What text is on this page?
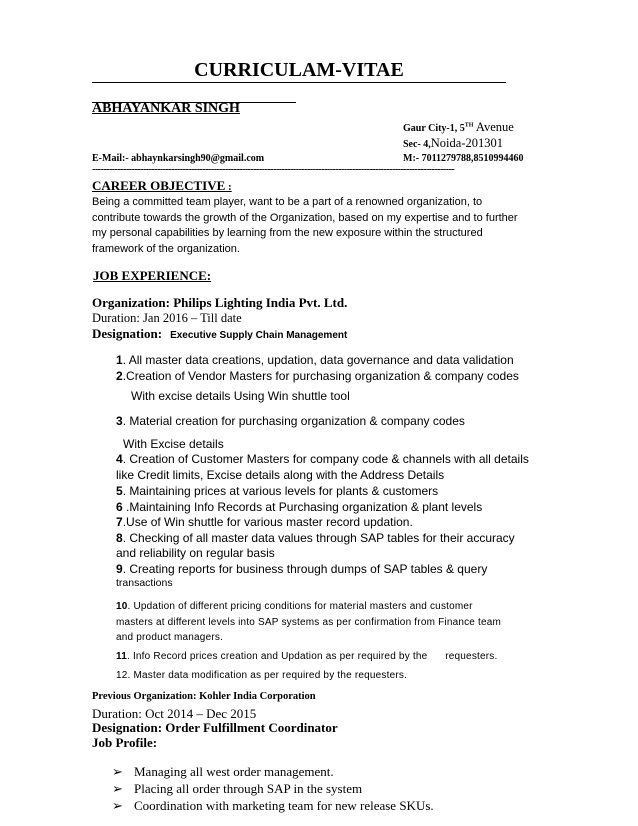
CURRICULAM-VITAE
ABHAYANKAR SINGH
Gaur City-1, 5TH Avenue
Sec- 4,Noida-201301
E-Mail:- abhaynkarsingh90@gmail.com	M:- 7011279788,8510994460
--------------------------------------------------------------------------------------------------------------------------------
CAREER OBJECTIVE :
Being a committed team player, want to be a part of a renowned organization, to
contribute towards the growth of the Organization, based on my expertise and to further
my personal capabilities by learning from the new exposure within the structured
framework of the organization.
JOB EXPERIENCE:
Organization: Philips Lighting India Pvt. Ltd.
Duration: Jan 2016 – Till date
Designation: Executive Supply Chain Management
1. All master data creations, updation, data governance and data validation
2.Creation of Vendor Masters for purchasing organization & company codes
With excise details Using Win shuttle tool
3. Material creation for purchasing organization & company codes
With Excise details
4. Creation of Customer Masters for company code & channels with all details
like Credit limits, Excise details along with the Address Details
5. Maintaining prices at various levels for plants & customers
6 .Maintaining Info Records at Purchasing organization & plant levels
7.Use of Win shuttle for various master record updation.
8. Checking of all master data values through SAP tables for their accuracy
and reliability on regular basis
9. Creating reports for business through dumps of SAP tables & query
transactions
10. Updation of different pricing conditions for material masters and customer
masters at different levels into SAP systems as per confirmation from Finance team
and product managers.
11. Info Record prices creation and Updation as per required by the      requesters.
12. Master data modification as per required by the requesters.
Previous Organization: Kohler India Corporation
Duration: Oct 2014 – Dec 2015
Designation: Order Fulfillment Coordinator
Job Profile:
➢ Managing all west order management.
➢ Placing all order through SAP in the system
➢ Coordination with marketing team for new release SKUs.
